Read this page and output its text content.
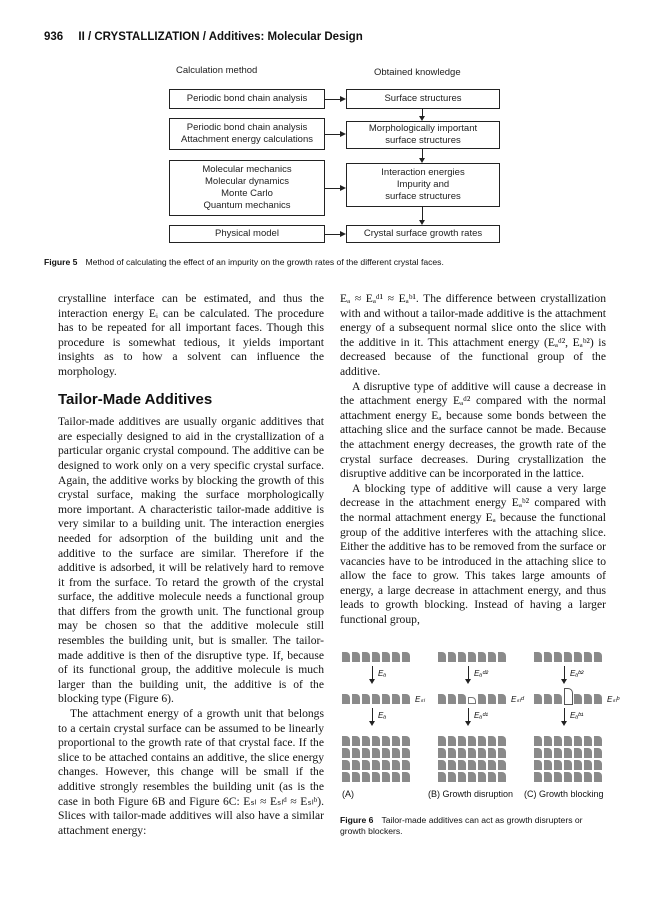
936 II / CRYSTALLIZATION / Additives: Molecular Design
Calculation method	Obtained knowledge
Periodic bond chain analysis
Periodic bond chain analysis
Attachment energy calculations
Molecular mechanics
Molecular dynamics
Monte Carlo
Quantum mechanics
Physical model
Surface structures
Morphologically important
surface structures
Interaction energies
Impurity and
surface structures
Crystal surface growth rates
Figure 5 Method of calculating the effect of an impurity on the growth rates of the different crystal faces.

crystalline interface can be estimated, and thus the interaction energy Eᵢ can be calculated. The procedure has to be repeated for all important faces. Though this procedure is somewhat tedious, it yields important insights as to how a solvent can influence the morphology.

Tailor-Made Additives

Tailor-made additives are usually organic additives that are especially designed to aid in the crystallization of a particular organic crystal compound. The additive can be designed to work only on a very specific crystal surface. Again, the additive works by blocking the growth of this crystal surface, making the surface morphologically more important. A characteristic tailor-made additive is very similar to a building unit. The interaction energies needed for adsorption of the building unit and the additive to the surface are similar. Therefore if the additive is adsorbed, it will be relatively hard to remove it from the surface. To retard the growth of the crystal surface, the additive molecule needs a functional group that differs from the growth unit. The functional group may be chosen so that the additive molecule still resembles the building unit, but is smaller. The tailor-made additive is then of the disruptive type. If, because of its functional group, the additive molecule is much larger than the building unit, the additive is of the blocking type (Figure 6).

The attachment energy of a growth unit that belongs to a certain crystal surface can be assumed to be linearly proportional to the growth rate of that crystal face. If the slice to be attached contains an additive, the slice energy changes. However, this change will be small if the additive strongly resembles the building unit (as is the case in both Figure 6B and Figure 6C: Eₛₗ ≈ Eₛₗᵈ ≈ Eₛₗᵇ). Slices with tailor-made additives will also have a similar attachment energy:

Eₐ ≈ Eₐᵈ¹ ≈ Eₐᵇ¹. The difference between crystallization with and without a tailor-made additive is the attachment energy of a subsequent normal slice onto the slice with the additive in it. This attachment energy (Eₐᵈ², Eₐᵇ²) is decreased because of the functional group of the additive.

A disruptive type of additive will cause a decrease in the attachment energy Eₐᵈ² compared with the normal attachment energy Eₐ because some bonds between the attaching slice and the surface cannot be made. Because the attachment energy decreases, the growth rate of the crystal surface decreases. During crystallization the disruptive additive can be incorporated in the lattice.

A blocking type of additive will cause a very large decrease in the attachment energy Eₐᵇ² compared with the normal attachment energy Eₐ because the functional group of the additive interferes with the attaching slice. Either the additive has to be removed from the surface or vacancies have to be introduced in the attaching slice to allow the face to grow. This takes large amounts of energy, a large decrease in attachment energy, and thus leads to growth blocking. Instead of having a larger functional group,

Eₐ
Eₛₗ
Eₐ
(A)
Eₐᵈ²
Eₛₗᵈ
Eₐᵈ¹
(B) Growth disruption
Eₐᵇ²
Eₛₗᵇ
Eₐᵇ¹
(C) Growth blocking
Figure 6 Tailor-made additives can act as growth disrupters or growth blockers.
